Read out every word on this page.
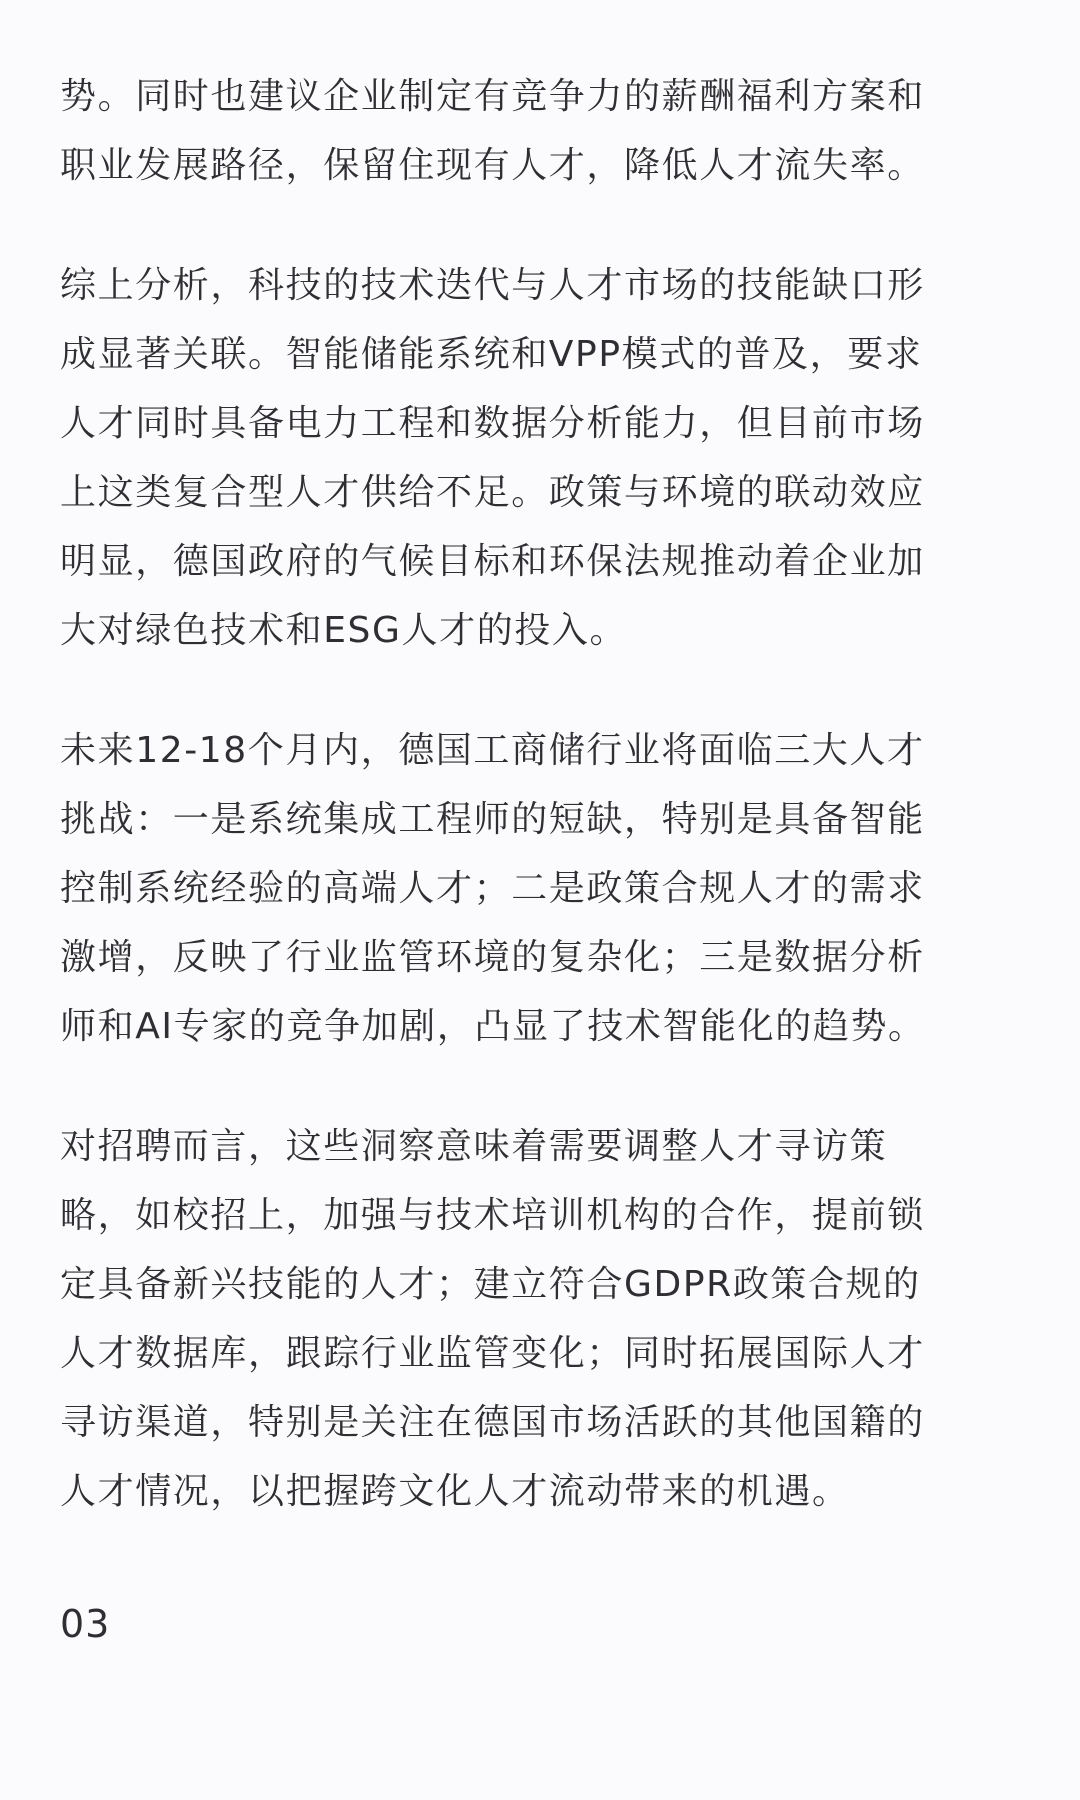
势。同时也建议企业制定有竞争力的薪酬福利方案和
职业发展路径，保留住现有人才，降低人才流失率。

综上分析，科技的技术迭代与人才市场的技能缺口形
成显著关联。智能储能系统和VPP模式的普及，要求
人才同时具备电力工程和数据分析能力，但目前市场
上这类复合型人才供给不足。政策与环境的联动效应
明显，德国政府的气候目标和环保法规推动着企业加
大对绿色技术和ESG人才的投入。

未来12-18个月内，德国工商储行业将面临三大人才
挑战：一是系统集成工程师的短缺，特别是具备智能
控制系统经验的高端人才；二是政策合规人才的需求
激增，反映了行业监管环境的复杂化；三是数据分析
师和AI专家的竞争加剧，凸显了技术智能化的趋势。

对招聘而言，这些洞察意味着需要调整人才寻访策
略，如校招上，加强与技术培训机构的合作，提前锁
定具备新兴技能的人才；建立符合GDPR政策合规的
人才数据库，跟踪行业监管变化；同时拓展国际人才
寻访渠道，特别是关注在德国市场活跃的其他国籍的
人才情况，以把握跨文化人才流动带来的机遇。

03
